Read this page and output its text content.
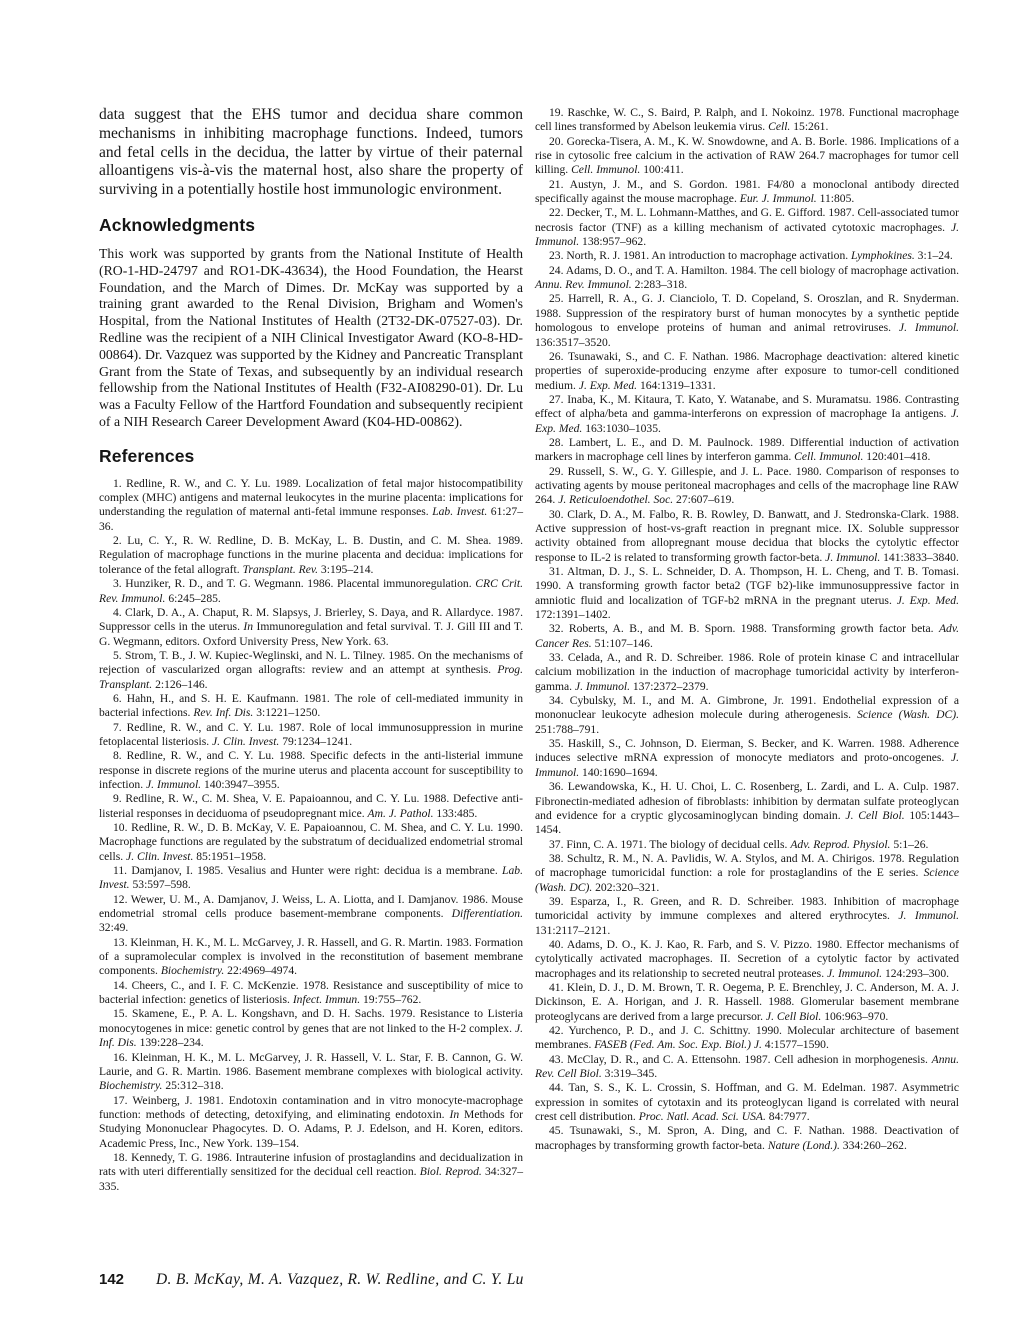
data suggest that the EHS tumor and decidua share common mechanisms in inhibiting macrophage functions. Indeed, tumors and fetal cells in the decidua, the latter by virtue of their paternal alloantigens vis-à-vis the maternal host, also share the property of surviving in a potentially hostile host immunologic environment.

Acknowledgments

This work was supported by grants from the National Institute of Health (RO-1-HD-24797 and RO1-DK-43634), the Hood Foundation, the Hearst Foundation, and the March of Dimes. Dr. McKay was supported by a training grant awarded to the Renal Division, Brigham and Women's Hospital, from the National Institutes of Health (2T32-DK-07527-03). Dr. Redline was the recipient of a NIH Clinical Investigator Award (KO-8-HD-00864). Dr. Vazquez was supported by the Kidney and Pancreatic Transplant Grant from the State of Texas, and subsequently by an individual research fellowship from the National Institutes of Health (F32-AI08290-01). Dr. Lu was a Faculty Fellow of the Hartford Foundation and subsequently recipient of a NIH Research Career Development Award (K04-HD-00862).

References

1. Redline, R. W., and C. Y. Lu. 1989. Localization of fetal major histocompatibility complex (MHC) antigens and maternal leukocytes in the murine placenta: implications for understanding the regulation of maternal anti-fetal immune responses. Lab. Invest. 61:27–36.

2. Lu, C. Y., R. W. Redline, D. B. McKay, L. B. Dustin, and C. M. Shea. 1989. Regulation of macrophage functions in the murine placenta and decidua: implications for tolerance of the fetal allograft. Transplant. Rev. 3:195–214.

3. Hunziker, R. D., and T. G. Wegmann. 1986. Placental immunoregulation. CRC Crit. Rev. Immunol. 6:245–285.

4. Clark, D. A., A. Chaput, R. M. Slapsys, J. Brierley, S. Daya, and R. Allardyce. 1987. Suppressor cells in the uterus. In Immunoregulation and fetal survival. T. J. Gill III and T. G. Wegmann, editors. Oxford University Press, New York. 63.

5. Strom, T. B., J. W. Kupiec-Weglinski, and N. L. Tilney. 1985. On the mechanisms of rejection of vascularized organ allografts: review and an attempt at synthesis. Prog. Transplant. 2:126–146.

6. Hahn, H., and S. H. E. Kaufmann. 1981. The role of cell-mediated immunity in bacterial infections. Rev. Inf. Dis. 3:1221–1250.

7. Redline, R. W., and C. Y. Lu. 1987. Role of local immunosuppression in murine fetoplacental listeriosis. J. Clin. Invest. 79:1234–1241.

8. Redline, R. W., and C. Y. Lu. 1988. Specific defects in the anti-listerial immune response in discrete regions of the murine uterus and placenta account for susceptibility to infection. J. Immunol. 140:3947–3955.

9. Redline, R. W., C. M. Shea, V. E. Papaioannou, and C. Y. Lu. 1988. Defective anti-listerial responses in deciduoma of pseudopregnant mice. Am. J. Pathol. 133:485.

10. Redline, R. W., D. B. McKay, V. E. Papaioannou, C. M. Shea, and C. Y. Lu. 1990. Macrophage functions are regulated by the substratum of decidualized endometrial stromal cells. J. Clin. Invest. 85:1951–1958.

11. Damjanov, I. 1985. Vesalius and Hunter were right: decidua is a membrane. Lab. Invest. 53:597–598.

12. Wewer, U. M., A. Damjanov, J. Weiss, L. A. Liotta, and I. Damjanov. 1986. Mouse endometrial stromal cells produce basement-membrane components. Differentiation. 32:49.

13. Kleinman, H. K., M. L. McGarvey, J. R. Hassell, and G. R. Martin. 1983. Formation of a supramolecular complex is involved in the reconstitution of basement membrane components. Biochemistry. 22:4969–4974.

14. Cheers, C., and I. F. C. McKenzie. 1978. Resistance and susceptibility of mice to bacterial infection: genetics of listeriosis. Infect. Immun. 19:755–762.

15. Skamene, E., P. A. L. Kongshavn, and D. H. Sachs. 1979. Resistance to Listeria monocytogenes in mice: genetic control by genes that are not linked to the H-2 complex. J. Inf. Dis. 139:228–234.

16. Kleinman, H. K., M. L. McGarvey, J. R. Hassell, V. L. Star, F. B. Cannon, G. W. Laurie, and G. R. Martin. 1986. Basement membrane complexes with biological activity. Biochemistry. 25:312–318.

17. Weinberg, J. 1981. Endotoxin contamination and in vitro monocyte-macrophage function: methods of detecting, detoxifying, and eliminating endotoxin. In Methods for Studying Mononuclear Phagocytes. D. O. Adams, P. J. Edelson, and H. Koren, editors. Academic Press, Inc., New York. 139–154.

18. Kennedy, T. G. 1986. Intrauterine infusion of prostaglandins and decidualization in rats with uteri differentially sensitized for the decidual cell reaction. Biol. Reprod. 34:327–335.

19. Raschke, W. C., S. Baird, P. Ralph, and I. Nokoinz. 1978. Functional macrophage cell lines transformed by Abelson leukemia virus. Cell. 15:261.

20. Gorecka-Tisera, A. M., K. W. Snowdowne, and A. B. Borle. 1986. Implications of a rise in cytosolic free calcium in the activation of RAW 264.7 macrophages for tumor cell killing. Cell. Immunol. 100:411.

21. Austyn, J. M., and S. Gordon. 1981. F4/80 a monoclonal antibody directed specifically against the mouse macrophage. Eur. J. Immunol. 11:805.

22. Decker, T., M. L. Lohmann-Matthes, and G. E. Gifford. 1987. Cell-associated tumor necrosis factor (TNF) as a killing mechanism of activated cytotoxic macrophages. J. Immunol. 138:957–962.

23. North, R. J. 1981. An introduction to macrophage activation. Lymphokines. 3:1–24.

24. Adams, D. O., and T. A. Hamilton. 1984. The cell biology of macrophage activation. Annu. Rev. Immunol. 2:283–318.

25. Harrell, R. A., G. J. Cianciolo, T. D. Copeland, S. Oroszlan, and R. Snyderman. 1988. Suppression of the respiratory burst of human monocytes by a synthetic peptide homologous to envelope proteins of human and animal retroviruses. J. Immunol. 136:3517–3520.

26. Tsunawaki, S., and C. F. Nathan. 1986. Macrophage deactivation: altered kinetic properties of superoxide-producing enzyme after exposure to tumor-cell conditioned medium. J. Exp. Med. 164:1319–1331.

27. Inaba, K., M. Kitaura, T. Kato, Y. Watanabe, and S. Muramatsu. 1986. Contrasting effect of alpha/beta and gamma-interferons on expression of macrophage Ia antigens. J. Exp. Med. 163:1030–1035.

28. Lambert, L. E., and D. M. Paulnock. 1989. Differential induction of activation markers in macrophage cell lines by interferon gamma. Cell. Immunol. 120:401–418.

29. Russell, S. W., G. Y. Gillespie, and J. L. Pace. 1980. Comparison of responses to activating agents by mouse peritoneal macrophages and cells of the macrophage line RAW 264. J. Reticuloendothel. Soc. 27:607–619.

30. Clark, D. A., M. Falbo, R. B. Rowley, D. Banwatt, and J. Stedronska-Clark. 1988. Active suppression of host-vs-graft reaction in pregnant mice. IX. Soluble suppressor activity obtained from allopregnant mouse decidua that blocks the cytolytic effector response to IL-2 is related to transforming growth factor-beta. J. Immunol. 141:3833–3840.

31. Altman, D. J., S. L. Schneider, D. A. Thompson, H. L. Cheng, and T. B. Tomasi. 1990. A transforming growth factor beta2 (TGF b2)-like immunosuppressive factor in amniotic fluid and localization of TGF-b2 mRNA in the pregnant uterus. J. Exp. Med. 172:1391–1402.

32. Roberts, A. B., and M. B. Sporn. 1988. Transforming growth factor beta. Adv. Cancer Res. 51:107–146.

33. Celada, A., and R. D. Schreiber. 1986. Role of protein kinase C and intracellular calcium mobilization in the induction of macrophage tumoricidal activity by interferon-gamma. J. Immunol. 137:2372–2379.

34. Cybulsky, M. I., and M. A. Gimbrone, Jr. 1991. Endothelial expression of a mononuclear leukocyte adhesion molecule during atherogenesis. Science (Wash. DC). 251:788–791.

35. Haskill, S., C. Johnson, D. Eierman, S. Becker, and K. Warren. 1988. Adherence induces selective mRNA expression of monocyte mediators and proto-oncogenes. J. Immunol. 140:1690–1694.

36. Lewandowska, K., H. U. Choi, L. C. Rosenberg, L. Zardi, and L. A. Culp. 1987. Fibronectin-mediated adhesion of fibroblasts: inhibition by dermatan sulfate proteoglycan and evidence for a cryptic glycosaminoglycan binding domain. J. Cell Biol. 105:1443–1454.

37. Finn, C. A. 1971. The biology of decidual cells. Adv. Reprod. Physiol. 5:1–26.

38. Schultz, R. M., N. A. Pavlidis, W. A. Stylos, and M. A. Chirigos. 1978. Regulation of macrophage tumoricidal function: a role for prostaglandins of the E series. Science (Wash. DC). 202:320–321.

39. Esparza, I., R. Green, and R. D. Schreiber. 1983. Inhibition of macrophage tumoricidal activity by immune complexes and altered erythrocytes. J. Immunol. 131:2117–2121.

40. Adams, D. O., K. J. Kao, R. Farb, and S. V. Pizzo. 1980. Effector mechanisms of cytolytically activated macrophages. II. Secretion of a cytolytic factor by activated macrophages and its relationship to secreted neutral proteases. J. Immunol. 124:293–300.

41. Klein, D. J., D. M. Brown, T. R. Oegema, P. E. Brenchley, J. C. Anderson, M. A. J. Dickinson, E. A. Horigan, and J. R. Hassell. 1988. Glomerular basement membrane proteoglycans are derived from a large precursor. J. Cell Biol. 106:963–970.

42. Yurchenco, P. D., and J. C. Schittny. 1990. Molecular architecture of basement membranes. FASEB (Fed. Am. Soc. Exp. Biol.) J. 4:1577–1590.

43. McClay, D. R., and C. A. Ettensohn. 1987. Cell adhesion in morphogenesis. Annu. Rev. Cell Biol. 3:319–345.

44. Tan, S. S., K. L. Crossin, S. Hoffman, and G. M. Edelman. 1987. Asymmetric expression in somites of cytotaxin and its proteoglycan ligand is correlated with neural crest cell distribution. Proc. Natl. Acad. Sci. USA. 84:7977.

45. Tsunawaki, S., M. Spron, A. Ding, and C. F. Nathan. 1988. Deactivation of macrophages by transforming growth factor-beta. Nature (Lond.). 334:260–262.

142 D. B. McKay, M. A. Vazquez, R. W. Redline, and C. Y. Lu
